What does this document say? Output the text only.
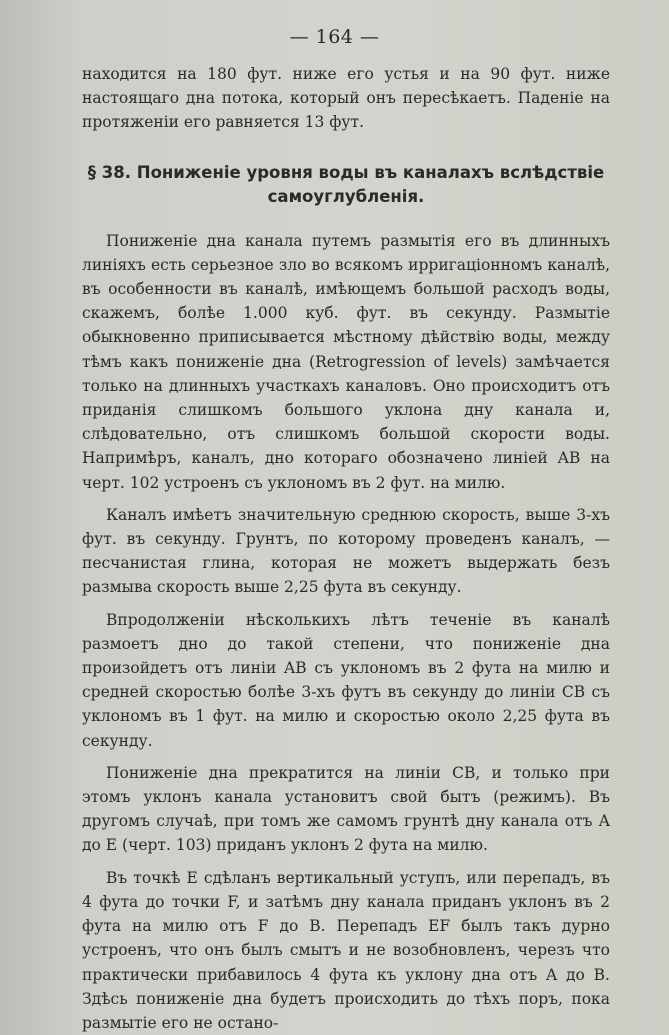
— 164 —

находится на 180 фут. ниже его устья и на 90 фут. ниже настоящаго дна потока, который онъ пересѣкаетъ. Паденіе на протяженіи его равняется 13 фут.

§ 38. Пониженіе уровня воды въ каналахъ вслѣдствіе самоуглубленія.

Пониженіе дна канала путемъ размытія его въ длинныхъ линіяхъ есть серьезное зло во всякомъ ирригаціонномъ каналѣ, въ особенности въ каналѣ, имѣющемъ большой расходъ воды, скажемъ, болѣе 1.000 куб. фут. въ секунду. Размытіе обыкновенно приписывается мѣстному дѣйствію воды, между тѣмъ какъ пониженіе дна (Retrogression of levels) замѣчается только на длинныхъ участкахъ каналовъ. Оно происходитъ отъ приданія слишкомъ большого уклона дну канала и, слѣдовательно, отъ слишкомъ большой скорости воды. Напримѣръ, каналъ, дно котораго обозначено линіей AB на черт. 102 устроенъ съ уклономъ въ 2 фут. на милю.

Каналъ имѣетъ значительную среднюю скорость, выше 3-хъ фут. въ секунду. Грунтъ, по которому проведенъ каналъ, — песчанистая глина, которая не можетъ выдержать безъ размыва скорость выше 2,25 фута въ секунду.

Впродолженіи нѣсколькихъ лѣтъ теченіе въ каналѣ размоетъ дно до такой степени, что пониженіе дна произойдетъ отъ линіи AB съ уклономъ въ 2 фута на милю и средней скоростью болѣе 3-хъ футъ въ секунду до линіи CB съ уклономъ въ 1 фут. на милю и скоростью около 2,25 фута въ секунду.

Пониженіе дна прекратится на линіи CB, и только при этомъ уклонъ канала установитъ свой бытъ (режимъ). Въ другомъ случаѣ, при томъ же самомъ грунтѣ дну канала отъ A до E (черт. 103) приданъ уклонъ 2 фута на милю.

Въ точкѣ E сдѣланъ вертикальный уступъ, или перепадъ, въ 4 фута до точки F, и затѣмъ дну канала приданъ уклонъ въ 2 фута на милю отъ F до B. Перепадъ EF былъ такъ дурно устроенъ, что онъ былъ смытъ и не возобновленъ, черезъ что практически прибавилось 4 фута къ уклону дна отъ A до B. Здѣсь пониженіе дна будетъ происходить до тѣхъ поръ, пока размытіе его не остано-
